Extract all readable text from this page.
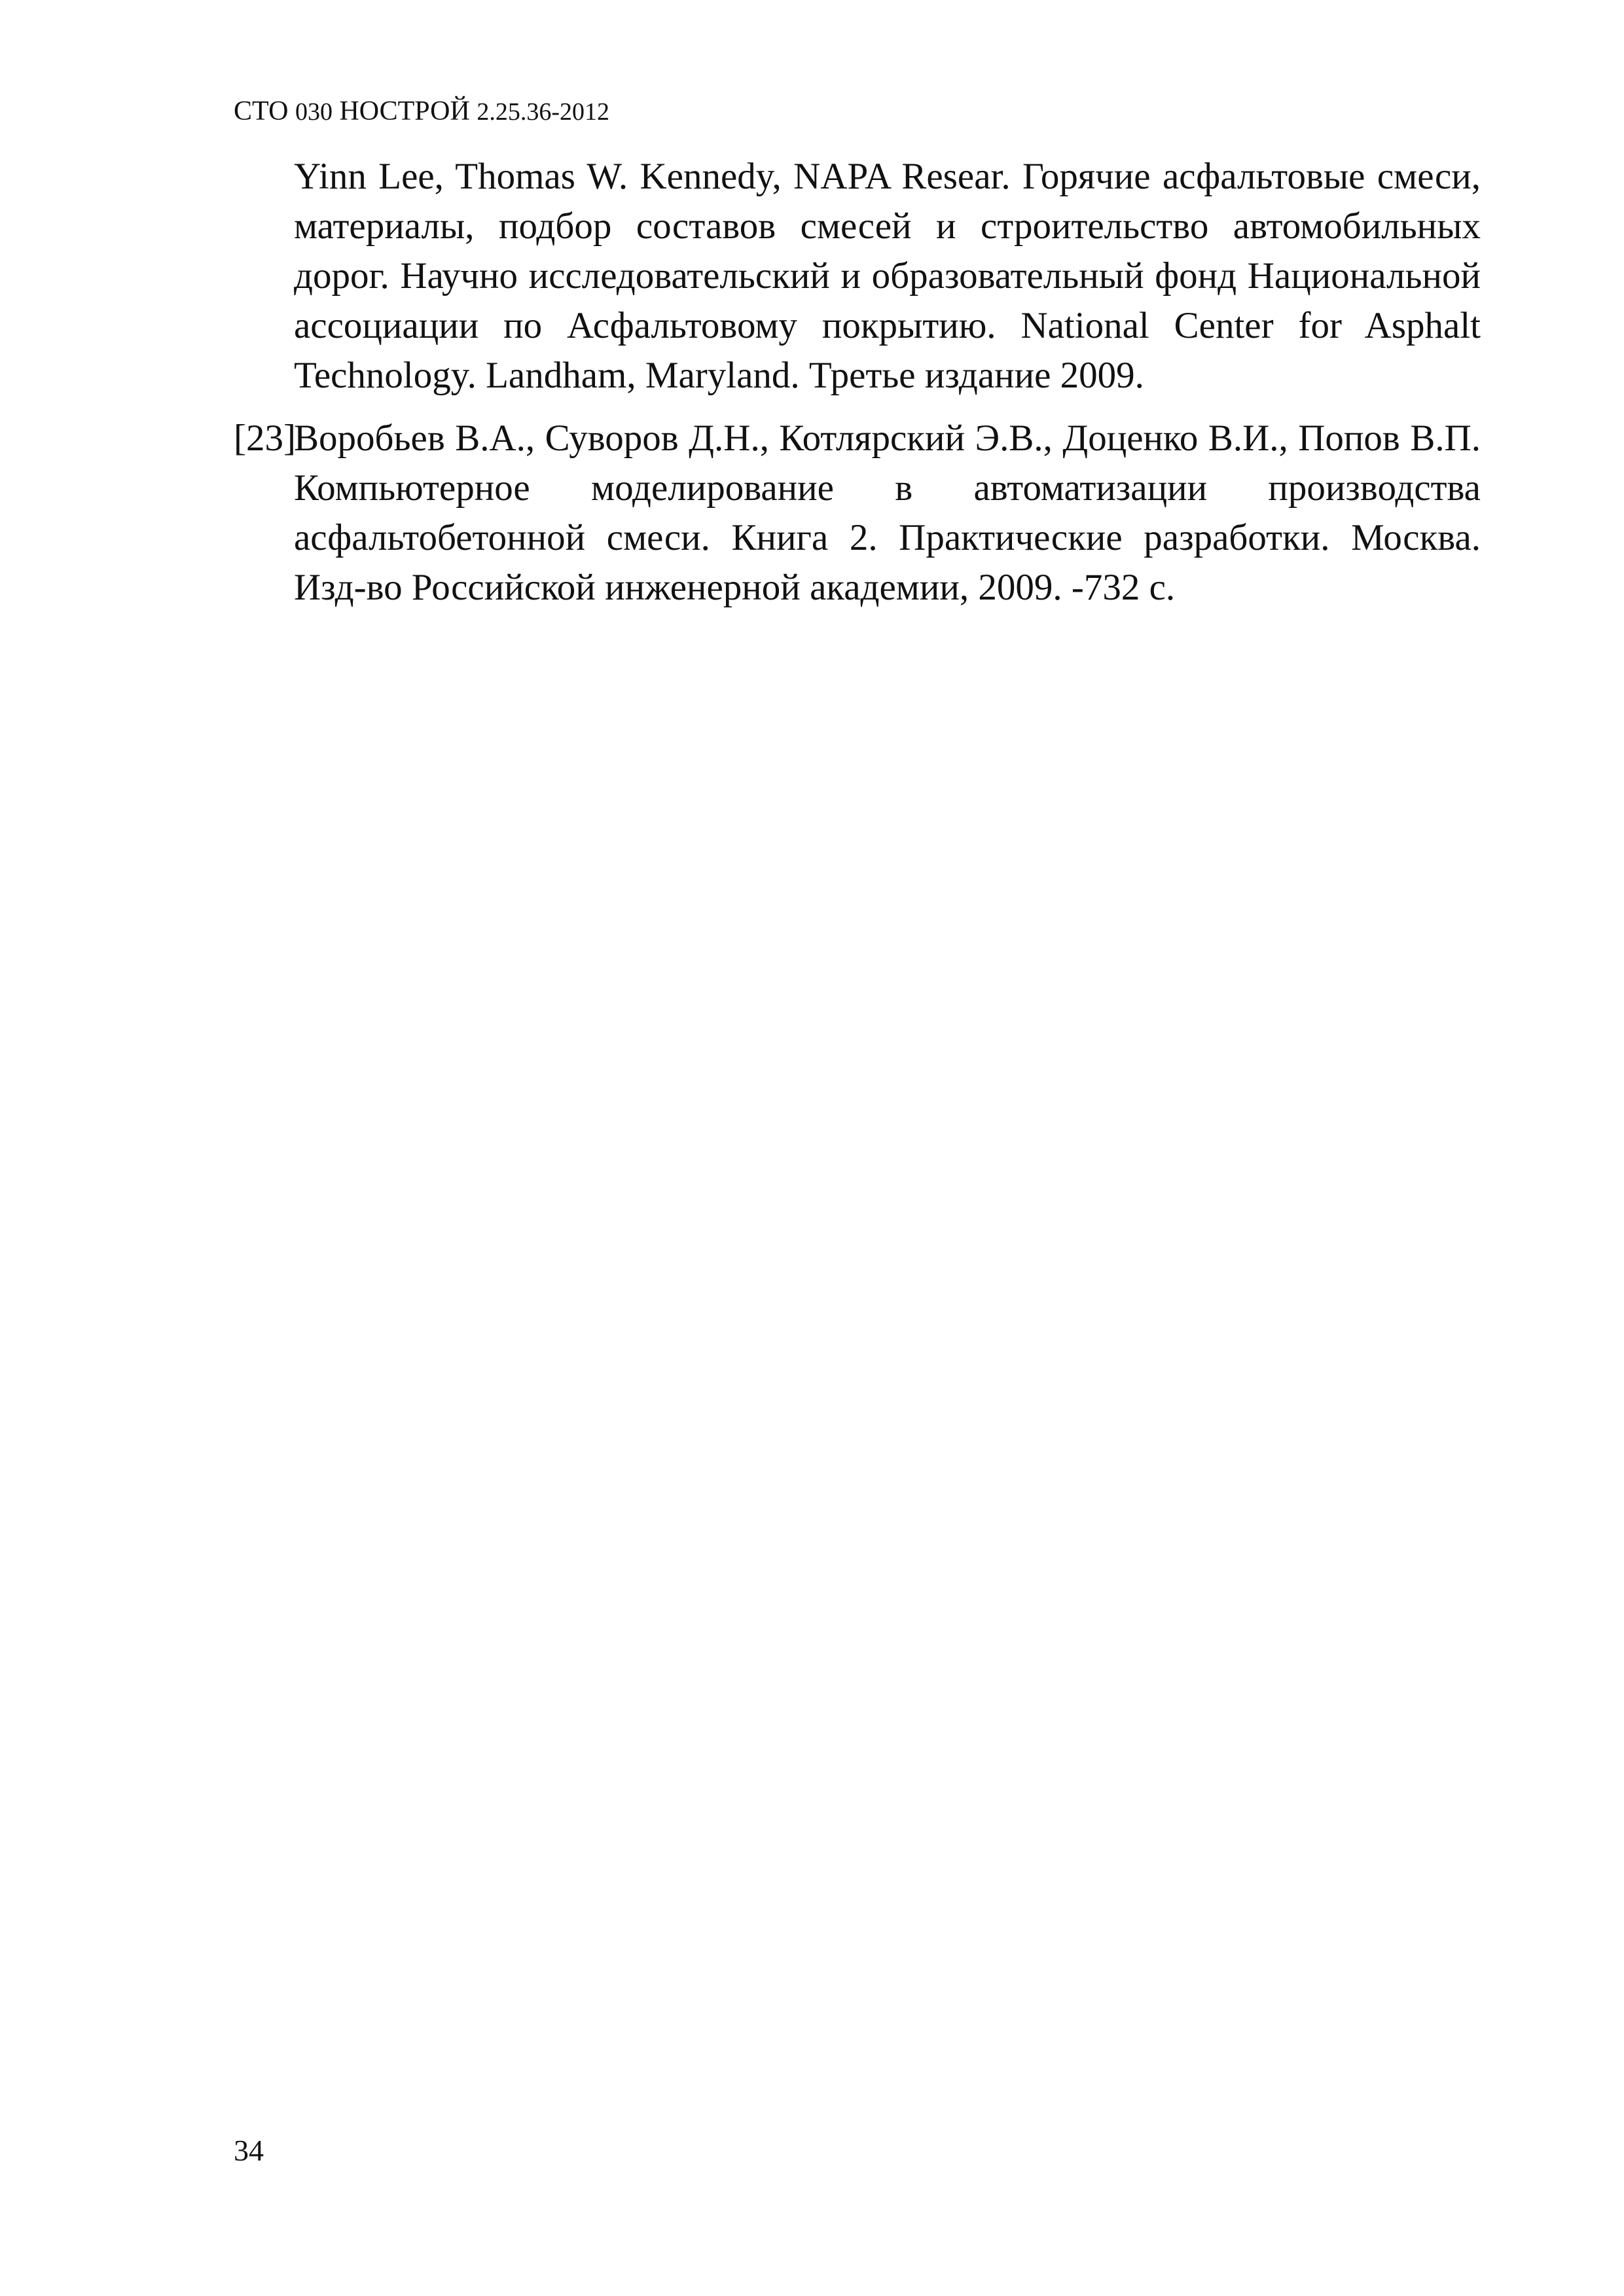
СТО 030 НОСТРОЙ 2.25.36-2012
Yinn Lee, Thomas W. Kennedy, NAPA Resear. Горячие асфальтовые смеси, материалы, подбор составов смесей и строительство автомобильных дорог. Научно исследовательский и образовательный фонд Национальной ассоциации по Асфальтовому покрытию. National Center for Asphalt Technology. Landham, Maryland. Третье издание 2009.
[23]
Воробьев В.А., Суворов Д.Н., Котлярский Э.В., Доценко В.И., Попов В.П. Компьютерное моделирование в автоматизации производства асфальтобетонной смеси. Книга 2. Практические разработки. Москва. Изд-во Российской инженерной академии, 2009. -732 с.
34
